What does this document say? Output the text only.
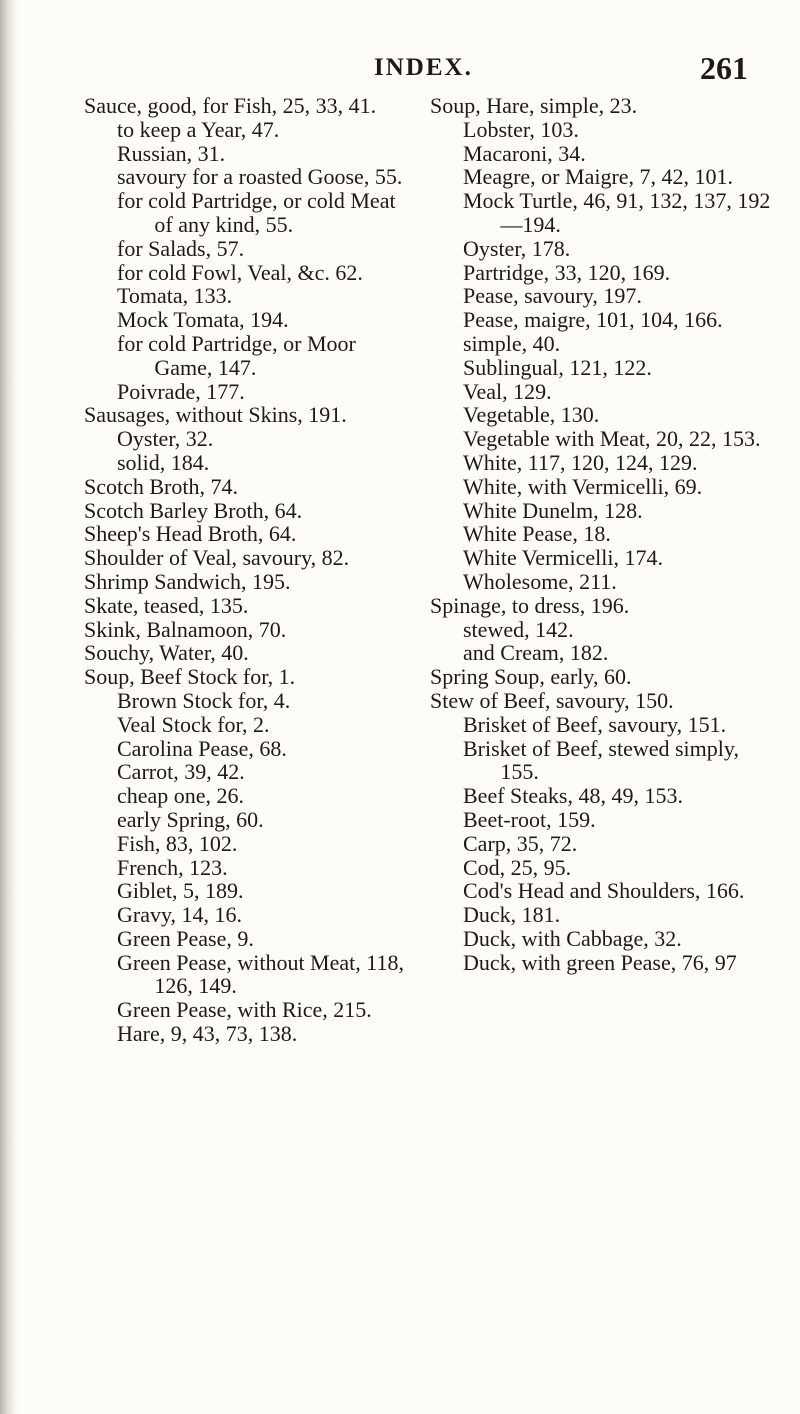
INDEX.	261

Sauce, good, for Fish, 25, 33, 41.

to keep a Year, 47.

Russian, 31.

savoury for a roasted Goose, 55.

for cold Partridge, or cold Meat of any kind, 55.

for Salads, 57.

for cold Fowl, Veal, &c. 62.

Tomata, 133.

Mock Tomata, 194.

for cold Partridge, or Moor Game, 147.

Poivrade, 177.

Sausages, without Skins, 191.

Oyster, 32.

solid, 184.

Scotch Broth, 74.

Scotch Barley Broth, 64.

Sheep's Head Broth, 64.

Shoulder of Veal, savoury, 82.

Shrimp Sandwich, 195.

Skate, teased, 135.

Skink, Balnamoon, 70.

Souchy, Water, 40.

Soup, Beef Stock for, 1.

Brown Stock for, 4.

Veal Stock for, 2.

Carolina Pease, 68.

Carrot, 39, 42.

cheap one, 26.

early Spring, 60.

Fish, 83, 102.

French, 123.

Giblet, 5, 189.

Gravy, 14, 16.

Green Pease, 9.

Green Pease, without Meat, 118, 126, 149.

Green Pease, with Rice, 215.

Hare, 9, 43, 73, 138.

Soup, Hare, simple, 23.

Lobster, 103.

Macaroni, 34.

Meagre, or Maigre, 7, 42, 101.

Mock Turtle, 46, 91, 132, 137, 192—194.

Oyster, 178.

Partridge, 33, 120, 169.

Pease, savoury, 197.

Pease, maigre, 101, 104, 166.

simple, 40.

Sublingual, 121, 122.

Veal, 129.

Vegetable, 130.

Vegetable with Meat, 20, 22, 153.

White, 117, 120, 124, 129.

White, with Vermicelli, 69.

White Dunelm, 128.

White Pease, 18.

White Vermicelli, 174.

Wholesome, 211.

Spinage, to dress, 196.

stewed, 142.

and Cream, 182.

Spring Soup, early, 60.

Stew of Beef, savoury, 150.

Brisket of Beef, savoury, 151.

Brisket of Beef, stewed simply, 155.

Beef Steaks, 48, 49, 153.

Beet-root, 159.

Carp, 35, 72.

Cod, 25, 95.

Cod's Head and Shoulders, 166.

Duck, 181.

Duck, with Cabbage, 32.

Duck, with green Pease, 76, 97
